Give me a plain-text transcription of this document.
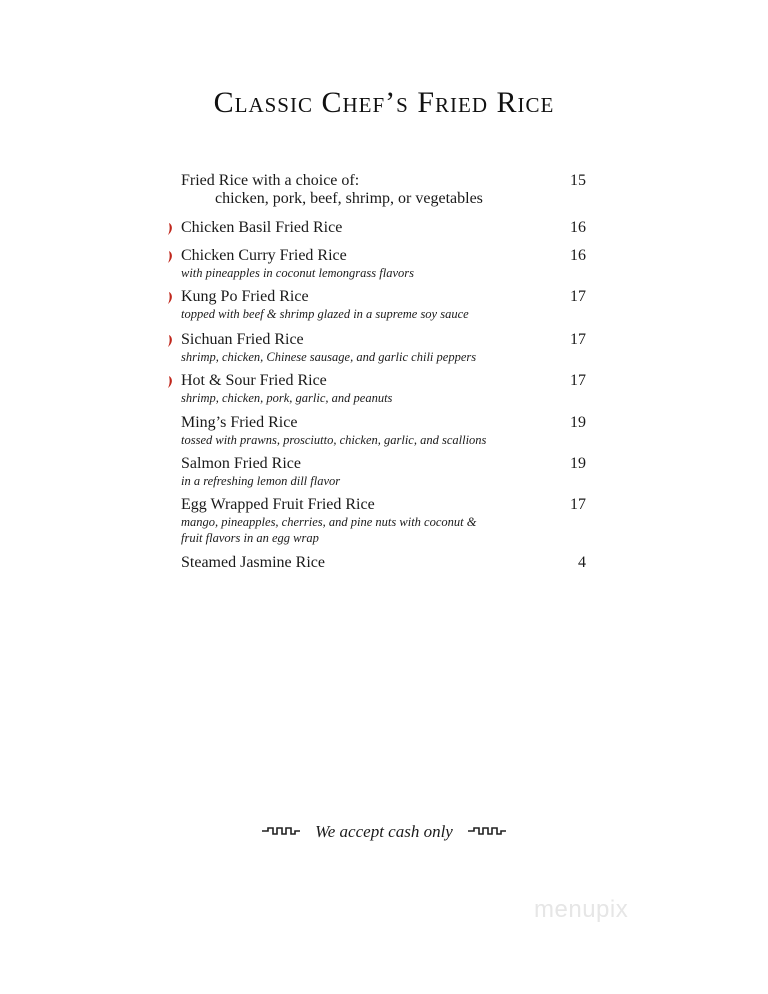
Classic Chef’s Fried Rice
Fried Rice with a choice of:
chicken, pork, beef, shrimp, or vegetables
15
Chicken Basil Fried Rice	16
Chicken Curry Fried Rice
with pineapples in coconut lemongrass flavors
16
Kung Po Fried Rice
topped with beef & shrimp glazed in a supreme soy sauce
17
Sichuan Fried Rice
shrimp, chicken, Chinese sausage, and garlic chili peppers
17
Hot & Sour Fried Rice
shrimp, chicken, pork, garlic, and peanuts
17
Ming’s Fried Rice
tossed with prawns, prosciutto, chicken, garlic, and scallions
19
Salmon Fried Rice
in a refreshing lemon dill flavor
19
Egg Wrapped Fruit Fried Rice
mango, pineapples, cherries, and pine nuts with coconut &
fruit flavors in an egg wrap
17
Steamed Jasmine Rice	4
We accept cash only
menupix
